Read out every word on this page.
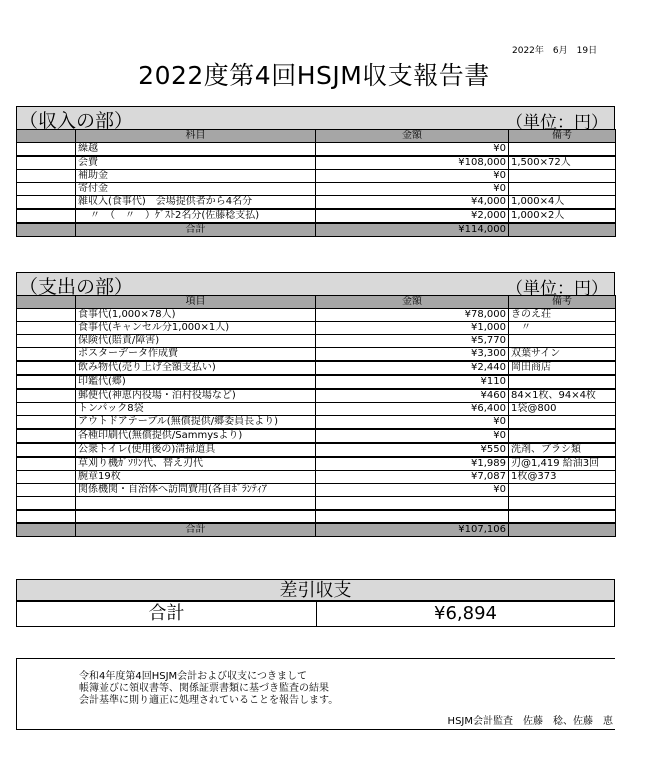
2022年　6月　19日
2022度第4回HSJM収支報告書
（収入の部）	（単位：円）
	科目	金額	備考
	繰越	¥0	
	会費	¥108,000	1,500×72人
	補助金	¥0	
	寄付金	¥0	
	雑収入(食事代)　会場提供者から4名分	¥4,000	1,000×4人
	〃　（　〃　）ｹﾞｽﾄ2名分(佐藤稔支払)	¥2,000	1,000×2人
	合計	¥114,000	
（支出の部）	（単位：円）
	項目	金額	備考
	食事代(1,000×78人)	¥78,000	きのえ荘
	食事代(キャンセル分1,000×1人)	¥1,000	　〃
	保険代(賠責/障害)	¥5,770	
	ポスターデータ作成費	¥3,300	双葉サイン
	飲み物代(売り上げ全額支払い)	¥2,440	岡田商店
	印鑑代(郷)	¥110	
	郵便代(神恵内役場・泊村役場など)	¥460	84×1枚、94×4枚
	トンパック8袋	¥6,400	1袋@800
	アウトドアテーブル(無償提供/郷委員長より)	¥0	
	各種印刷代(無償提供/Sammysより)	¥0	
	公衆トイレ(使用後の)清掃道具	¥550	洗剤、ブラシ類
	草刈り機ｶﾞｿﾘﾝ代、替え刃代	¥1,989	刃@1,419 給油3回
	腕章19枚	¥7,087	1枚@373
	関係機関・自治体へ訪問費用(各自ﾎﾞﾗﾝﾃｨｱ	¥0	

	合計	¥107,106	
差引収支
合計	¥6,894
令和4年度第4回HSJM会計および収支につきまして
帳簿並びに領収書等、関係証票書類に基づき監査の結果
会計基準に則り適正に処理されていることを報告します。
HSJM会計監査　佐藤　稔、佐藤　恵
